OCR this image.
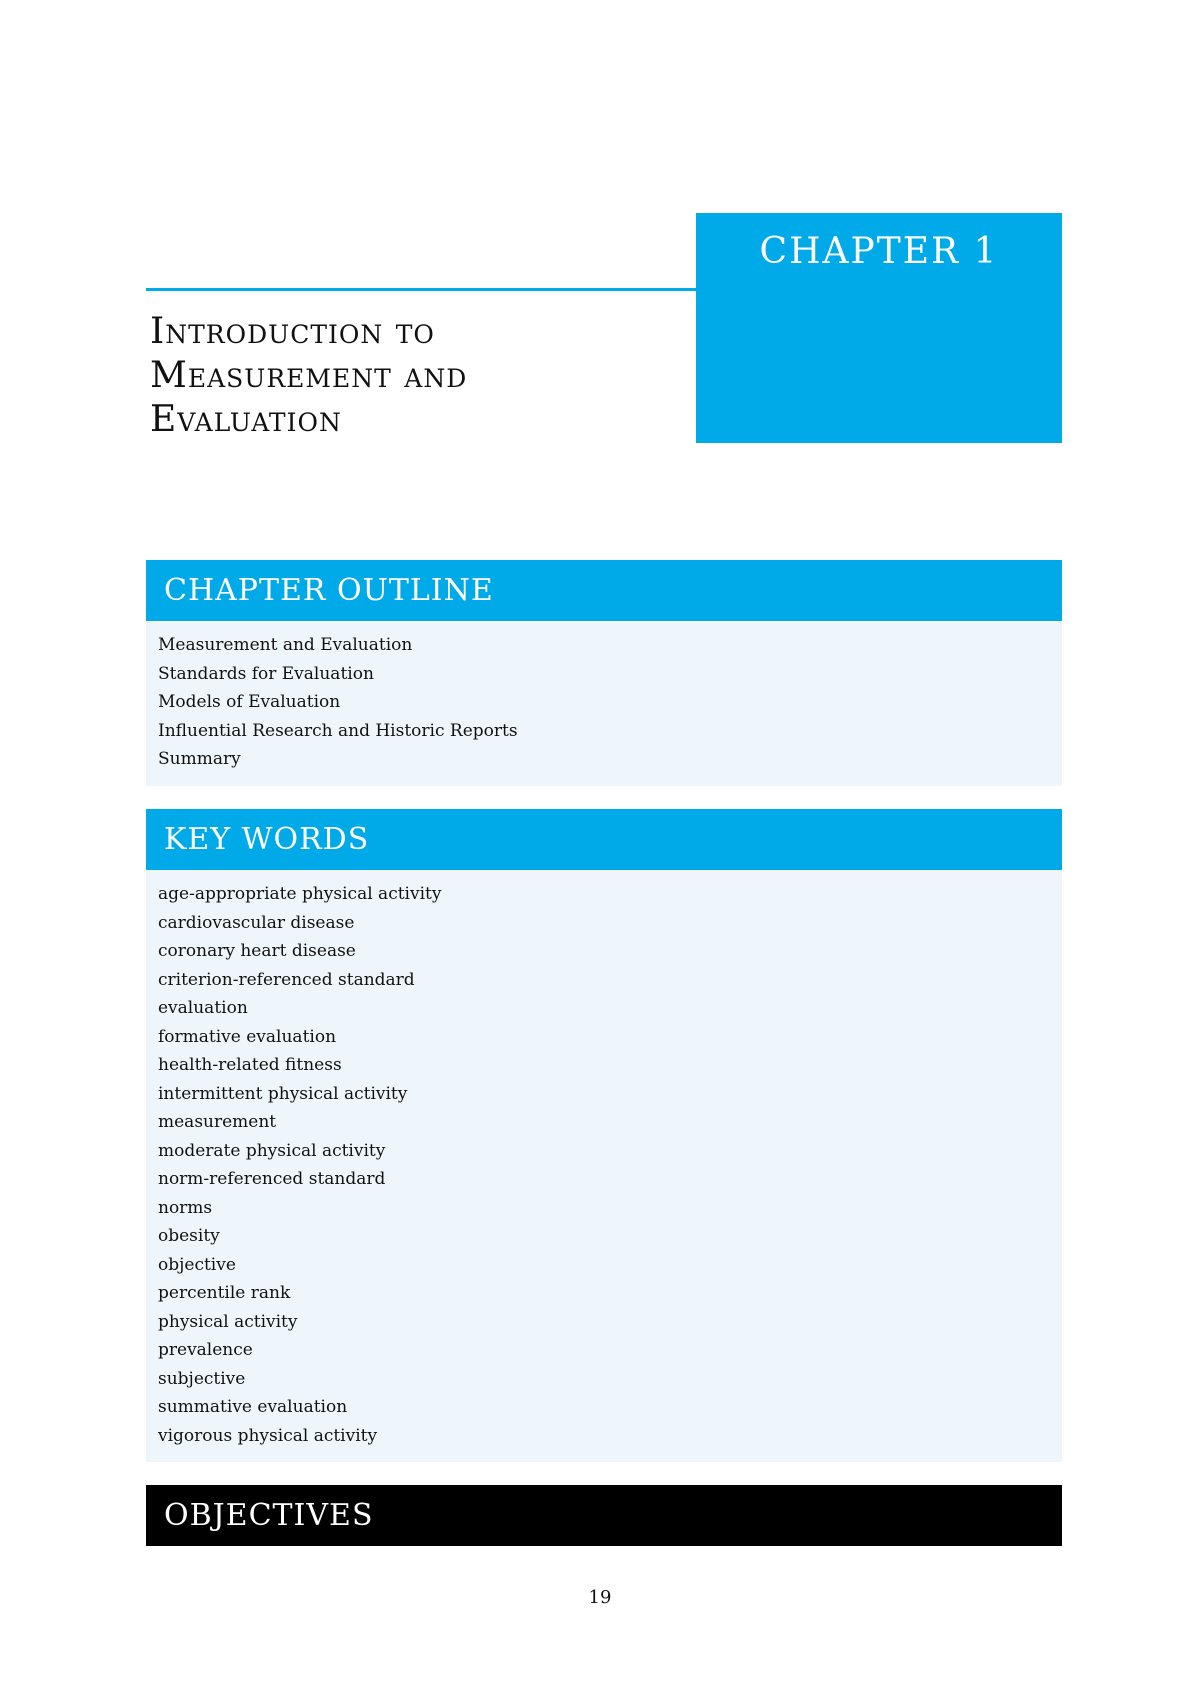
CHAPTER 1
Introduction to
Measurement and
Evaluation
CHAPTER OUTLINE
Measurement and Evaluation
Standards for Evaluation
Models of Evaluation
Influential Research and Historic Reports
Summary
KEY WORDS
age-appropriate physical activity
cardiovascular disease
coronary heart disease
criterion-referenced standard
evaluation
formative evaluation
health-related fitness
intermittent physical activity
measurement
moderate physical activity
norm-referenced standard
norms
obesity
objective
percentile rank
physical activity
prevalence
subjective
summative evaluation
vigorous physical activity
OBJECTIVES
19
